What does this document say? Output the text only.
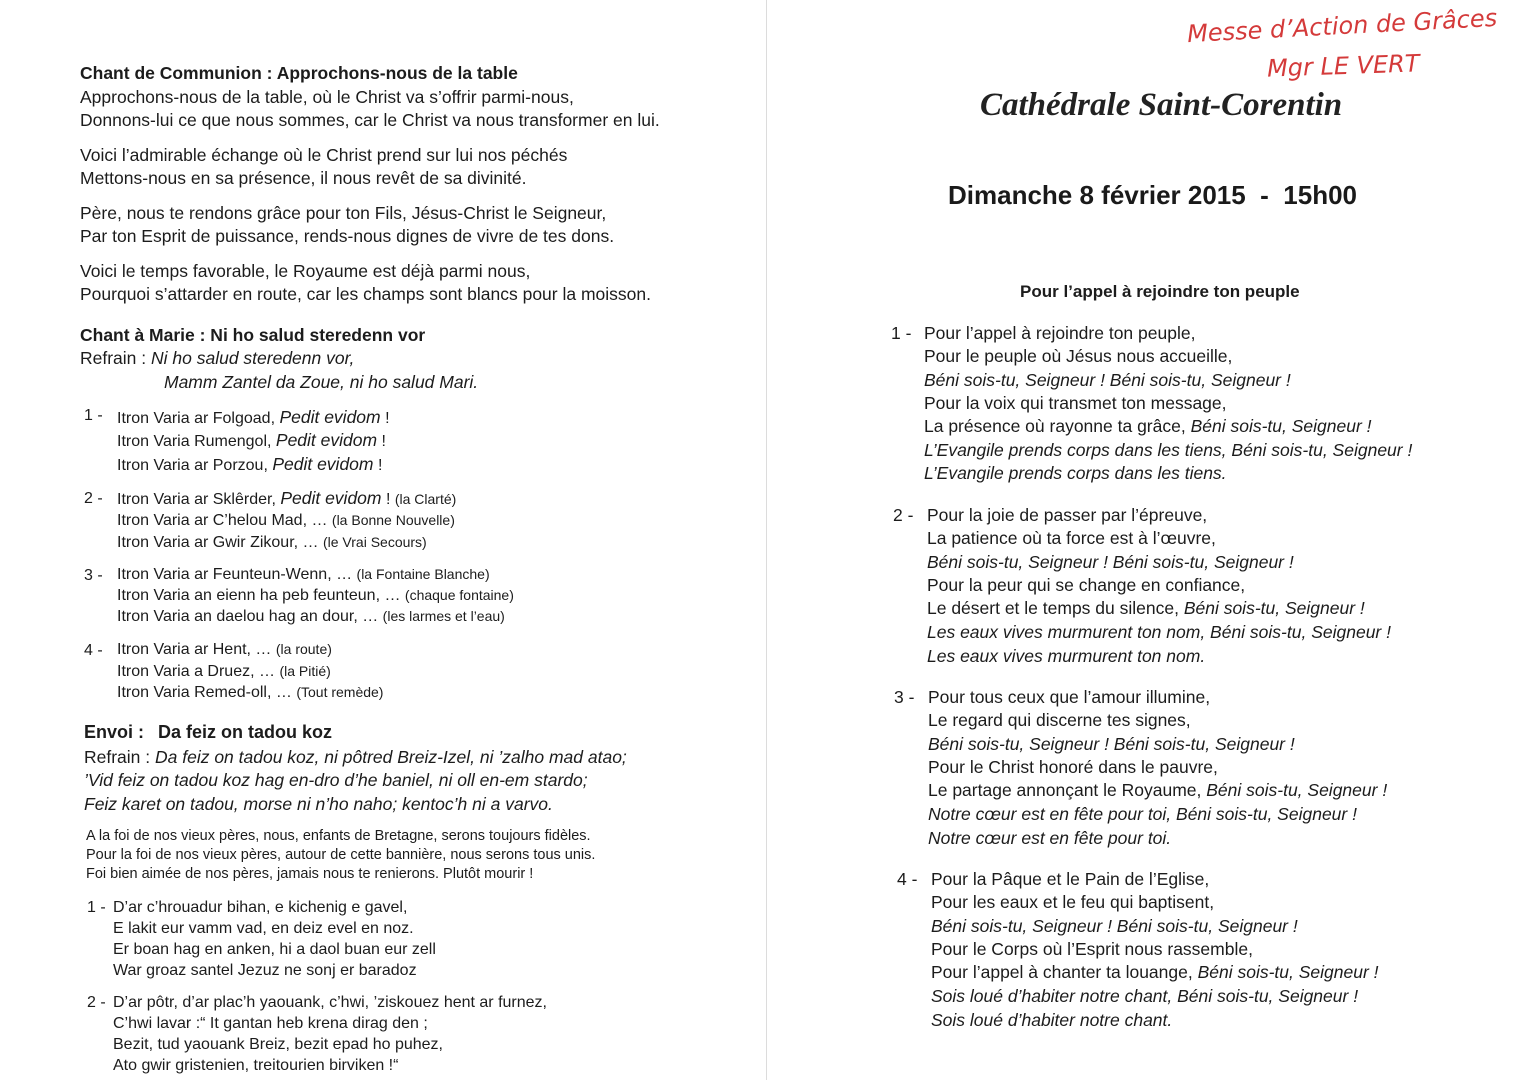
Chant de Communion : Approchons-nous de la table
Approchons-nous de la table, où le Christ va s’offrir parmi-nous,
Donnons-lui ce que nous sommes, car le Christ va nous transformer en lui.
Voici l’admirable échange où le Christ prend sur lui nos péchés
Mettons-nous en sa présence, il nous revêt de sa divinité.
Père, nous te rendons grâce pour ton Fils, Jésus-Christ le Seigneur,
Par ton Esprit de puissance, rends-nous dignes de vivre de tes dons.
Voici le temps favorable, le Royaume est déjà parmi nous,
Pourquoi s’attarder en route, car les champs sont blancs pour la moisson.
Chant à Marie : Ni ho salud steredenn vor
Refrain : Ni ho salud steredenn vor,
Mamm Zantel da Zoue, ni ho salud Mari.
1 - Itron Varia ar Folgoad, Pedit evidom !
Itron Varia Rumengol, Pedit evidom !
Itron Varia ar Porzou, Pedit evidom !
2 - Itron Varia ar Sklêrder, Pedit evidom ! (la Clarté)
Itron Varia ar C’helou Mad, … (la Bonne Nouvelle)
Itron Varia ar Gwir Zikour, … (le Vrai Secours)
3 - Itron Varia ar Feunteun-Wenn, … (la Fontaine Blanche)
Itron Varia an eienn ha peb feunteun, … (chaque fontaine)
Itron Varia an daelou hag an dour, … (les larmes et l’eau)
4 - Itron Varia ar Hent, … (la route)
Itron Varia a Druez, … (la Pitié)
Itron Varia Remed-oll, … (Tout remède)
Envoi : Da feiz on tadou koz
Refrain : Da feiz on tadou koz, ni pôtred Breiz-Izel, ni ’zalho mad atao;
’Vid feiz on tadou koz hag en-dro d’he baniel, ni oll en-em stardo;
Feiz karet on tadou, morse ni n’ho naho; kentoc’h ni a varvo.
A la foi de nos vieux pères, nous, enfants de Bretagne, serons toujours fidèles.
Pour la foi de nos vieux pères, autour de cette bannière, nous serons tous unis.
Foi bien aimée de nos pères, jamais nous te renierons. Plutôt mourir !
1 - D’ar c’hrouadur bihan, e kichenig e gavel,
E lakit eur vamm vad, en deiz evel en noz.
Er boan hag en anken, hi a daol buan eur zell
War groaz santel Jezuz ne sonj er baradoz
2 - D’ar pôtr, d’ar plac’h yaouank, c’hwi, ’ziskouez hent ar furnez,
C’hwi lavar :“ It gantan heb krena dirag den ;
Bezit, tud yaouank Breiz, bezit epad ho puhez,
Ato gwir gristenien, treitourien birviken !“
Messe d’Action de Grâces
Mgr LE VERT
Cathédrale Saint-Corentin
Dimanche 8 février 2015  -  15h00
Pour l’appel à rejoindre ton peuple
1 - Pour l’appel à rejoindre ton peuple,
Pour le peuple où Jésus nous accueille,
Béni sois-tu, Seigneur ! Béni sois-tu, Seigneur !
Pour la voix qui transmet ton message,
La présence où rayonne ta grâce, Béni sois-tu, Seigneur !
L’Evangile prends corps dans les tiens, Béni sois-tu, Seigneur !
L’Evangile prends corps dans les tiens.
2 - Pour la joie de passer par l’épreuve,
La patience où ta force est à l’œuvre,
Béni sois-tu, Seigneur ! Béni sois-tu, Seigneur !
Pour la peur qui se change en confiance,
Le désert et le temps du silence, Béni sois-tu, Seigneur !
Les eaux vives murmurent ton nom, Béni sois-tu, Seigneur !
Les eaux vives murmurent ton nom.
3 - Pour tous ceux que l’amour illumine,
Le regard qui discerne tes signes,
Béni sois-tu, Seigneur ! Béni sois-tu, Seigneur !
Pour le Christ honoré dans le pauvre,
Le partage annonçant le Royaume, Béni sois-tu, Seigneur !
Notre cœur est en fête pour toi, Béni sois-tu, Seigneur !
Notre cœur est en fête pour toi.
4 - Pour la Pâque et le Pain de l’Eglise,
Pour les eaux et le feu qui baptisent,
Béni sois-tu, Seigneur ! Béni sois-tu, Seigneur !
Pour le Corps où l’Esprit nous rassemble,
Pour l’appel à chanter ta louange, Béni sois-tu, Seigneur !
Sois loué d’habiter notre chant, Béni sois-tu, Seigneur !
Sois loué d’habiter notre chant.
